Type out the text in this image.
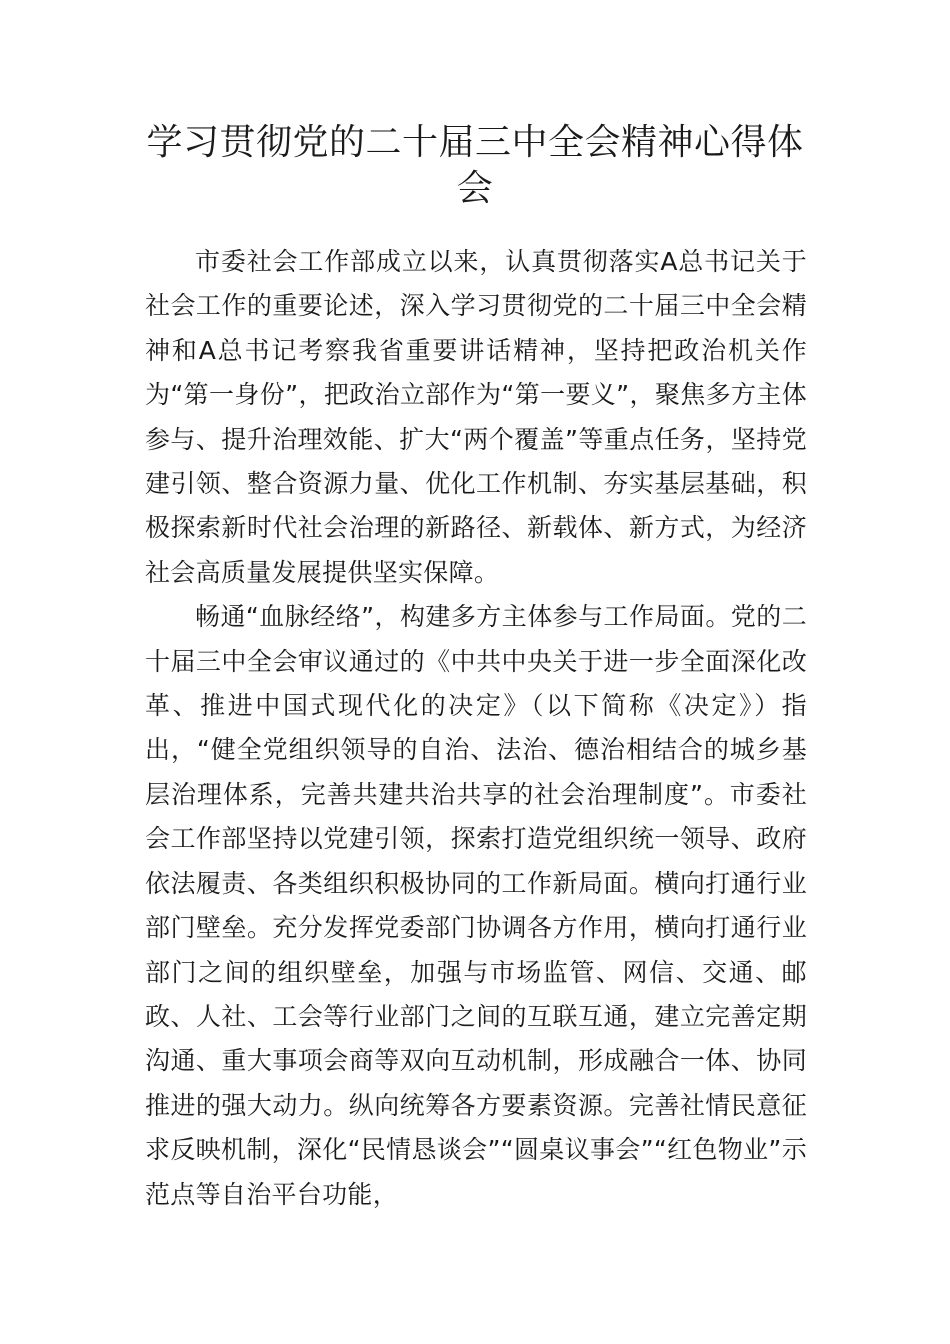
学习贯彻党的二十届三中全会精神心得体会

市委社会工作部成立以来，认真贯彻落实A总书记关于社会工作的重要论述，深入学习贯彻党的二十届三中全会精神和A总书记考察我省重要讲话精神，坚持把政治机关作为“第一身份”，把政治立部作为“第一要义”，聚焦多方主体参与、提升治理效能、扩大“两个覆盖”等重点任务，坚持党建引领、整合资源力量、优化工作机制、夯实基层基础，积极探索新时代社会治理的新路径、新载体、新方式，为经济社会高质量发展提供坚实保障。

畅通“血脉经络”，构建多方主体参与工作局面。党的二十届三中全会审议通过的《中共中央关于进一步全面深化改革、推进中国式现代化的决定》（以下简称《决定》）指出，“健全党组织领导的自治、法治、德治相结合的城乡基层治理体系，完善共建共治共享的社会治理制度”。市委社会工作部坚持以党建引领，探索打造党组织统一领导、政府依法履责、各类组织积极协同的工作新局面。横向打通行业部门壁垒。充分发挥党委部门协调各方作用，横向打通行业部门之间的组织壁垒，加强与市场监管、网信、交通、邮政、人社、工会等行业部门之间的互联互通，建立完善定期沟通、重大事项会商等双向互动机制，形成融合一体、协同推进的强大动力。纵向统筹各方要素资源。完善社情民意征求反映机制，深化“民情恳谈会”“圆桌议事会”“红色物业”示范点等自治平台功能，
